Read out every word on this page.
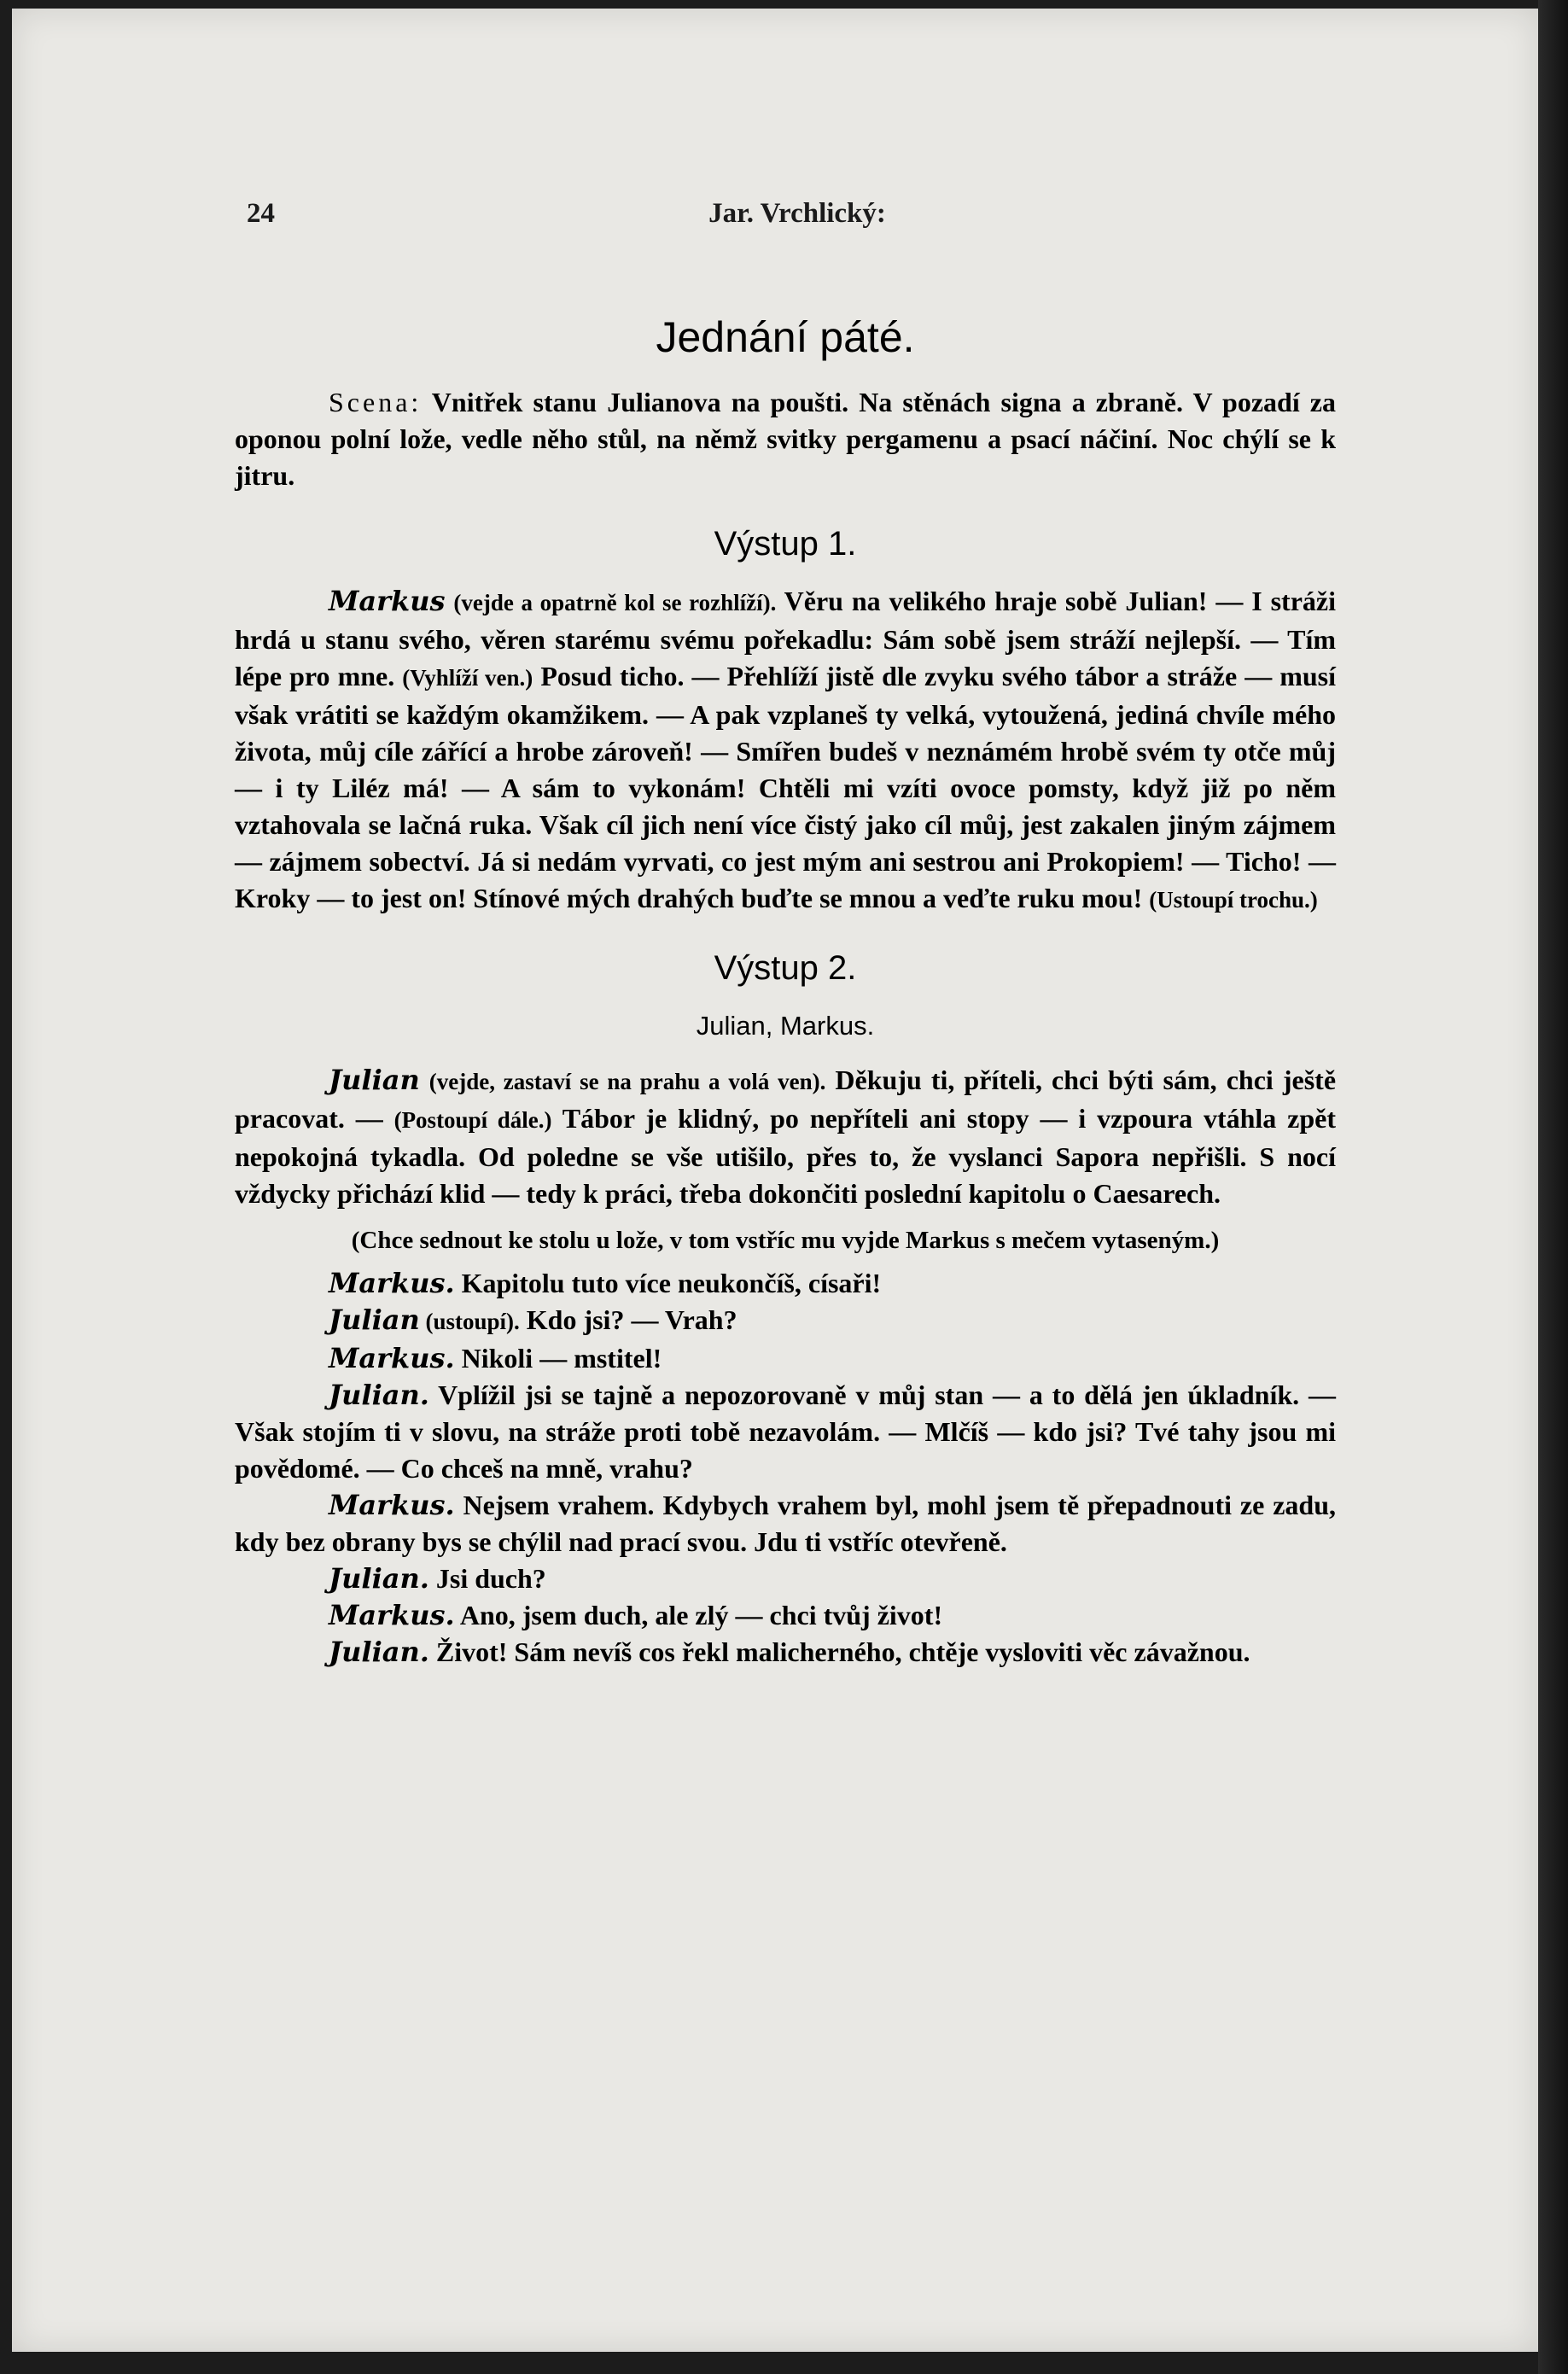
24	Jar. Vrchlický:
Jednání páté.

Scena: Vnitřek stanu Julianova na poušti. Na stěnách signa a zbraně. V pozadí za oponou polní lože, vedle něho stůl, na němž svitky pergamenu a psací náčiní. Noc chýlí se k jitru.

Výstup 1.

Markus (vejde a opatrně kol se rozhlíží). Věru na velikého hraje sobě Julian! — I stráži hrdá u stanu svého, věren starému svému pořekadlu: Sám sobě jsem stráží nejlepší. — Tím lépe pro mne. (Vyhlíží ven.) Posud ticho. — Přehlíží jistě dle zvyku svého tábor a stráže — musí však vrátiti se každým okamžikem. — A pak vzplaneš ty velká, vytoužená, jediná chvíle mého života, můj cíle zářící a hrobe zároveň! — Smířen budeš v neznámém hrobě svém ty otče můj — i ty Liléz má! — A sám to vykonám! Chtěli mi vzíti ovoce pomsty, když již po něm vztahovala se lačná ruka. Však cíl jich není více čistý jako cíl můj, jest zakalen jiným zájmem — zájmem sobectví. Já si nedám vyrvati, co jest mým ani sestrou ani Prokopiem! — Ticho! — Kroky — to jest on! Stínové mých drahých buďte se mnou a veďte ruku mou! (Ustoupí trochu.)

Výstup 2.
Julian, Markus.

Julian (vejde, zastaví se na prahu a volá ven). Děkuju ti, příteli, chci býti sám, chci ještě pracovat. — (Postoupí dále.) Tábor je klidný, po nepříteli ani stopy — i vzpoura vtáhla zpět nepokojná tykadla. Od poledne se vše utišilo, přes to, že vyslanci Sapora nepřišli. S nocí vždycky přichází klid — tedy k práci, třeba dokončiti poslední kapitolu o Caesarech.

(Chce sednout ke stolu u lože, v tom vstříc mu vyjde Markus s mečem vytaseným.)

Markus. Kapitolu tuto více neukončíš, císaři!

Julian (ustoupí). Kdo jsi? — Vrah?

Markus. Nikoli — mstitel!

Julian. Vplížil jsi se tajně a nepozorovaně v můj stan — a to dělá jen úkladník. — Však stojím ti v slovu, na stráže proti tobě nezavolám. — Mlčíš — kdo jsi? Tvé tahy jsou mi povědomé. — Co chceš na mně, vrahu?

Markus. Nejsem vrahem. Kdybych vrahem byl, mohl jsem tě přepadnouti ze zadu, kdy bez obrany bys se chýlil nad prací svou. Jdu ti vstříc otevřeně.

Julian. Jsi duch?

Markus. Ano, jsem duch, ale zlý — chci tvůj život!

Julian. Život! Sám nevíš cos řekl malicherného, chtěje vysloviti věc závažnou.
